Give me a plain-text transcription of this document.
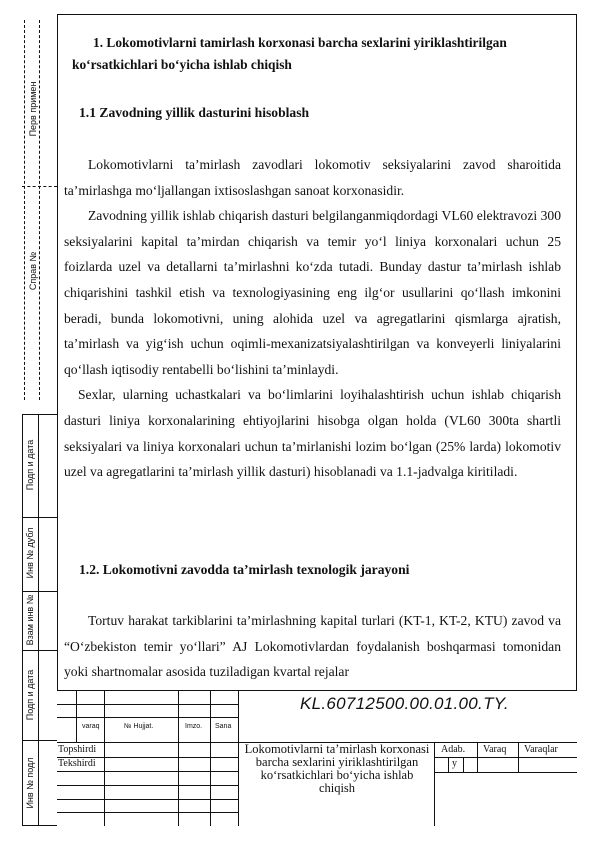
Перв примен
Справ №
Подп и дата
Инв № дубл
Взам инв №
Подп и дата
Инв № подл
1. Lokomotivlarni tamirlash korxonasi barcha sexlarini yiriklashtirilgan
ko‘rsatkichlari bo‘yicha ishlab chiqish
1.1 Zavodning yillik dasturini hisoblash

Lokomotivlarni ta’mirlash zavodlari lokomotiv seksiyalarini zavod sharoitida ta’mirlashga mo‘ljallangan ixtisoslashgan sanoat korxonasidir.

Zavodning yillik ishlab chiqarish dasturi belgilanganmiqdordagi VL60 elektravozi 300 seksiyalarini kapital ta’mirdan chiqarish va temir yo‘l liniya korxonalari uchun 25 foizlarda uzel va detallarni ta’mirlashni ko‘zda tutadi. Bunday dastur ta’mirlash ishlab chiqarishini tashkil etish va texnologiyasining eng ilg‘or usullarini qo‘llash imkonini beradi, bunda lokomotivni, uning alohida uzel va agregatlarini qismlarga ajratish, ta’mirlash va yig‘ish uchun oqimli-mexanizatsiyalashtirilgan va konveyerli liniyalarini qo‘llash iqtisodiy rentabelli bo‘lishini ta’minlaydi.

Sexlar, ularning uchastkalari va bo‘limlarini loyihalashtirish uchun ishlab chiqarish dasturi liniya korxonalarining ehtiyojlarini hisobga olgan holda (VL60 300ta shartli seksiyalari va liniya korxonalari uchun ta’mirlanishi lozim bo‘lgan (25% larda) lokomotiv uzel va agregatlarini ta’mirlash yillik dasturi) hisoblanadi va 1.1-jadvalga kiritiladi.

1.2. Lokomotivni zavodda ta’mirlash texnologik jarayoni

Tortuv harakat tarkiblarini ta’mirlashning kapital turlari (KT-1, KT-2, KTU) zavod va “O‘zbekiston temir yo‘llari” AJ Lokomotivlardan foydalanish boshqarmasi tomonidan yoki shartnomalar asosida tuziladigan kvartal rejalar

varaq	№ Hujjat.	Imzo. Sana
Topshirdi
Tekshirdi
KL.60712500.00.01.00.TY.
Lokomotivlarni ta’mirlash korxonasi barcha sexlarini yiriklashtirilgan ko‘rsatkichlari bo‘yicha ishlab chiqish
Adab. Varaq Varaqlar
y
